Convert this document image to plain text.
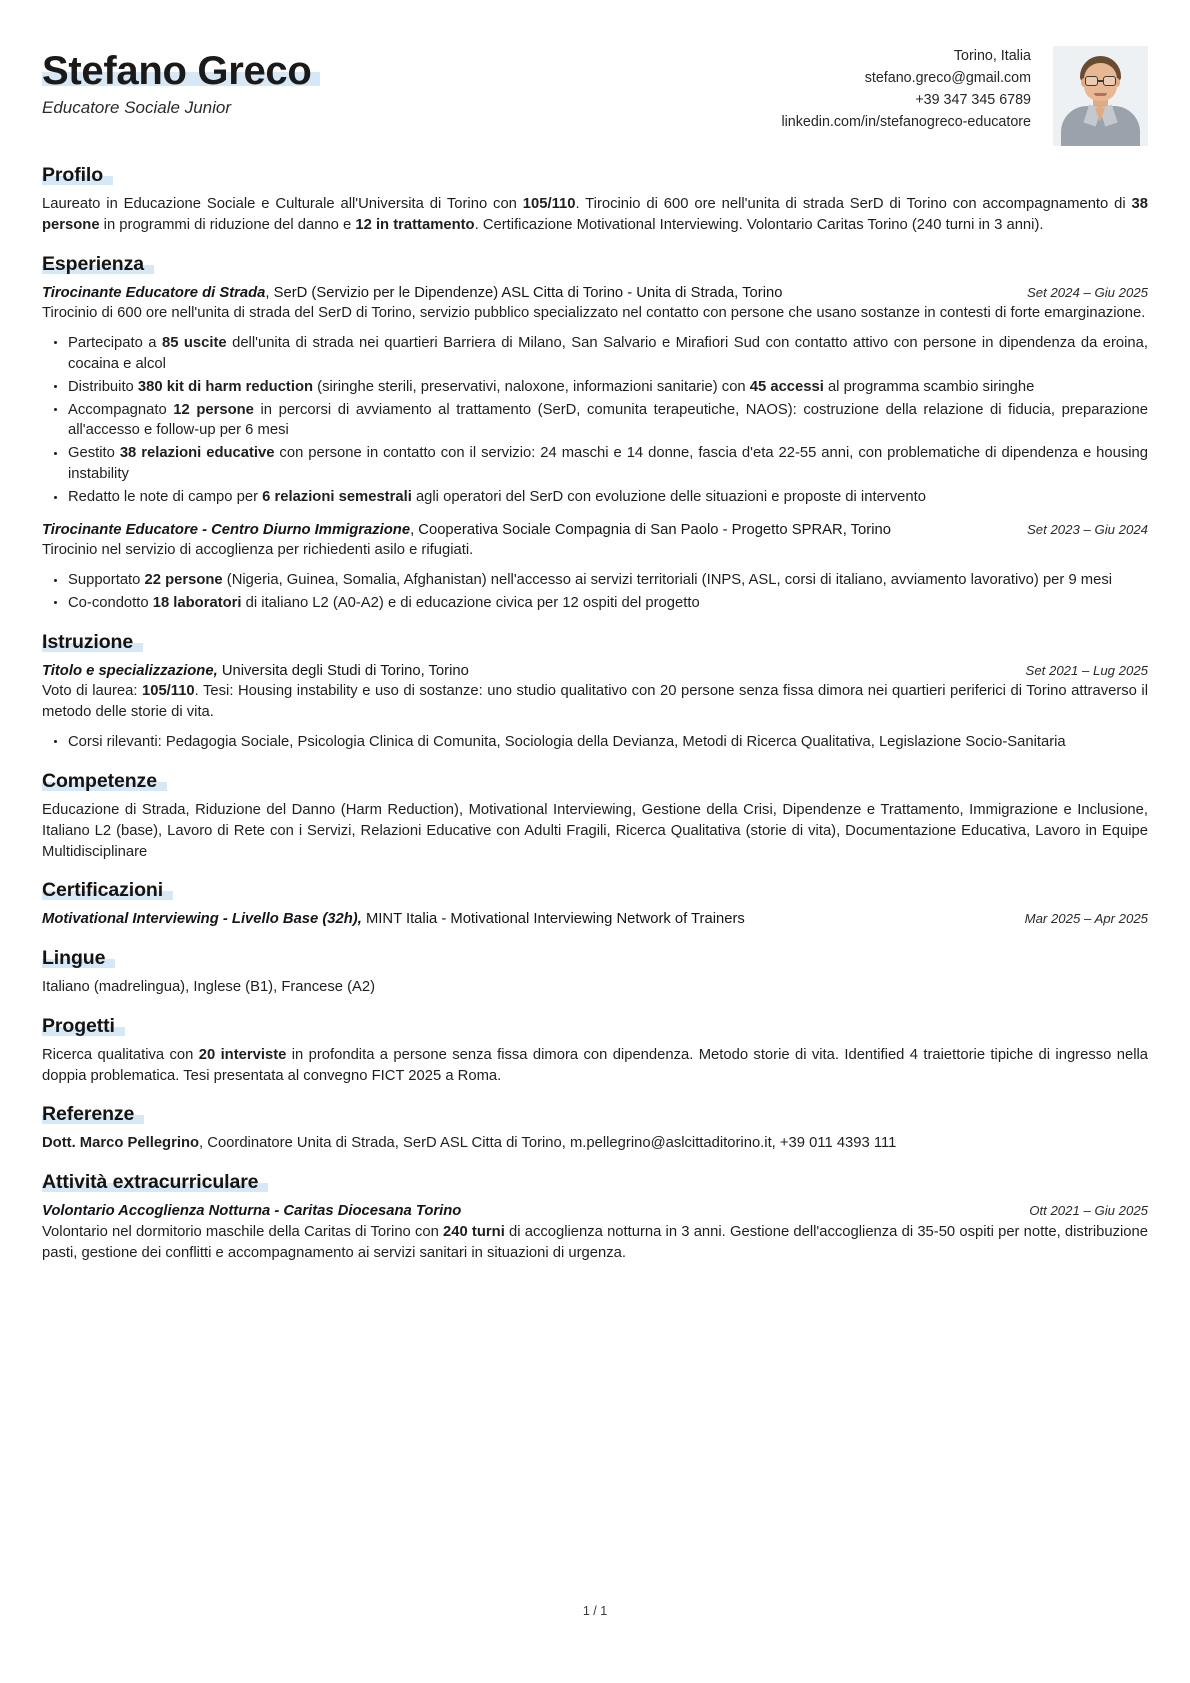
Stefano Greco
Educatore Sociale Junior
Torino, Italia
stefano.greco@gmail.com
+39 347 345 6789
linkedin.com/in/stefanogreco-educatore
Profilo
Laureato in Educazione Sociale e Culturale all'Universita di Torino con 105/110. Tirocinio di 600 ore nell'unita di strada SerD di Torino con accompagnamento di 38 persone in programmi di riduzione del danno e 12 in trattamento. Certificazione Motivational Interviewing. Volontario Caritas Torino (240 turni in 3 anni).
Esperienza
Tirocinante Educatore di Strada, SerD (Servizio per le Dipendenze) ASL Citta di Torino - Unita di Strada, Torino	Set 2024 – Giu 2025
Tirocinio di 600 ore nell'unita di strada del SerD di Torino, servizio pubblico specializzato nel contatto con persone che usano sostanze in contesti di forte emarginazione.
Partecipato a 85 uscite dell'unita di strada nei quartieri Barriera di Milano, San Salvario e Mirafiori Sud con contatto attivo con persone in dipendenza da eroina, cocaina e alcol
Distribuito 380 kit di harm reduction (siringhe sterili, preservativi, naloxone, informazioni sanitarie) con 45 accessi al programma scambio siringhe
Accompagnato 12 persone in percorsi di avviamento al trattamento (SerD, comunita terapeutiche, NAOS): costruzione della relazione di fiducia, preparazione all'accesso e follow-up per 6 mesi
Gestito 38 relazioni educative con persone in contatto con il servizio: 24 maschi e 14 donne, fascia d'eta 22-55 anni, con problematiche di dipendenza e housing instability
Redatto le note di campo per 6 relazioni semestrali agli operatori del SerD con evoluzione delle situazioni e proposte di intervento
Tirocinante Educatore - Centro Diurno Immigrazione, Cooperativa Sociale Compagnia di San Paolo - Progetto SPRAR, Torino	Set 2023 – Giu 2024
Tirocinio nel servizio di accoglienza per richiedenti asilo e rifugiati.
Supportato 22 persone (Nigeria, Guinea, Somalia, Afghanistan) nell'accesso ai servizi territoriali (INPS, ASL, corsi di italiano, avviamento lavorativo) per 9 mesi
Co-condotto 18 laboratori di italiano L2 (A0-A2) e di educazione civica per 12 ospiti del progetto
Istruzione
Titolo e specializzazione, Universita degli Studi di Torino, Torino	Set 2021 – Lug 2025
Voto di laurea: 105/110. Tesi: Housing instability e uso di sostanze: uno studio qualitativo con 20 persone senza fissa dimora nei quartieri periferici di Torino attraverso il metodo delle storie di vita.
Corsi rilevanti: Pedagogia Sociale, Psicologia Clinica di Comunita, Sociologia della Devianza, Metodi di Ricerca Qualitativa, Legislazione Socio-Sanitaria
Competenze
Educazione di Strada, Riduzione del Danno (Harm Reduction), Motivational Interviewing, Gestione della Crisi, Dipendenze e Trattamento, Immigrazione e Inclusione, Italiano L2 (base), Lavoro di Rete con i Servizi, Relazioni Educative con Adulti Fragili, Ricerca Qualitativa (storie di vita), Documentazione Educativa, Lavoro in Equipe Multidisciplinare
Certificazioni
Motivational Interviewing - Livello Base (32h), MINT Italia - Motivational Interviewing Network of Trainers	Mar 2025 – Apr 2025
Lingue
Italiano (madrelingua), Inglese (B1), Francese (A2)
Progetti
Ricerca qualitativa con 20 interviste in profondita a persone senza fissa dimora con dipendenza. Metodo storie di vita. Identified 4 traiettorie tipiche di ingresso nella doppia problematica. Tesi presentata al convegno FICT 2025 a Roma.
Referenze
Dott. Marco Pellegrino, Coordinatore Unita di Strada, SerD ASL Citta di Torino, m.pellegrino@aslcittaditorino.it, +39 011 4393 111
Attività extracurriculare
Volontario Accoglienza Notturna - Caritas Diocesana Torino	Ott 2021 – Giu 2025
Volontario nel dormitorio maschile della Caritas di Torino con 240 turni di accoglienza notturna in 3 anni. Gestione dell'accoglienza di 35-50 ospiti per notte, distribuzione pasti, gestione dei conflitti e accompagnamento ai servizi sanitari in situazioni di urgenza.
1 / 1
